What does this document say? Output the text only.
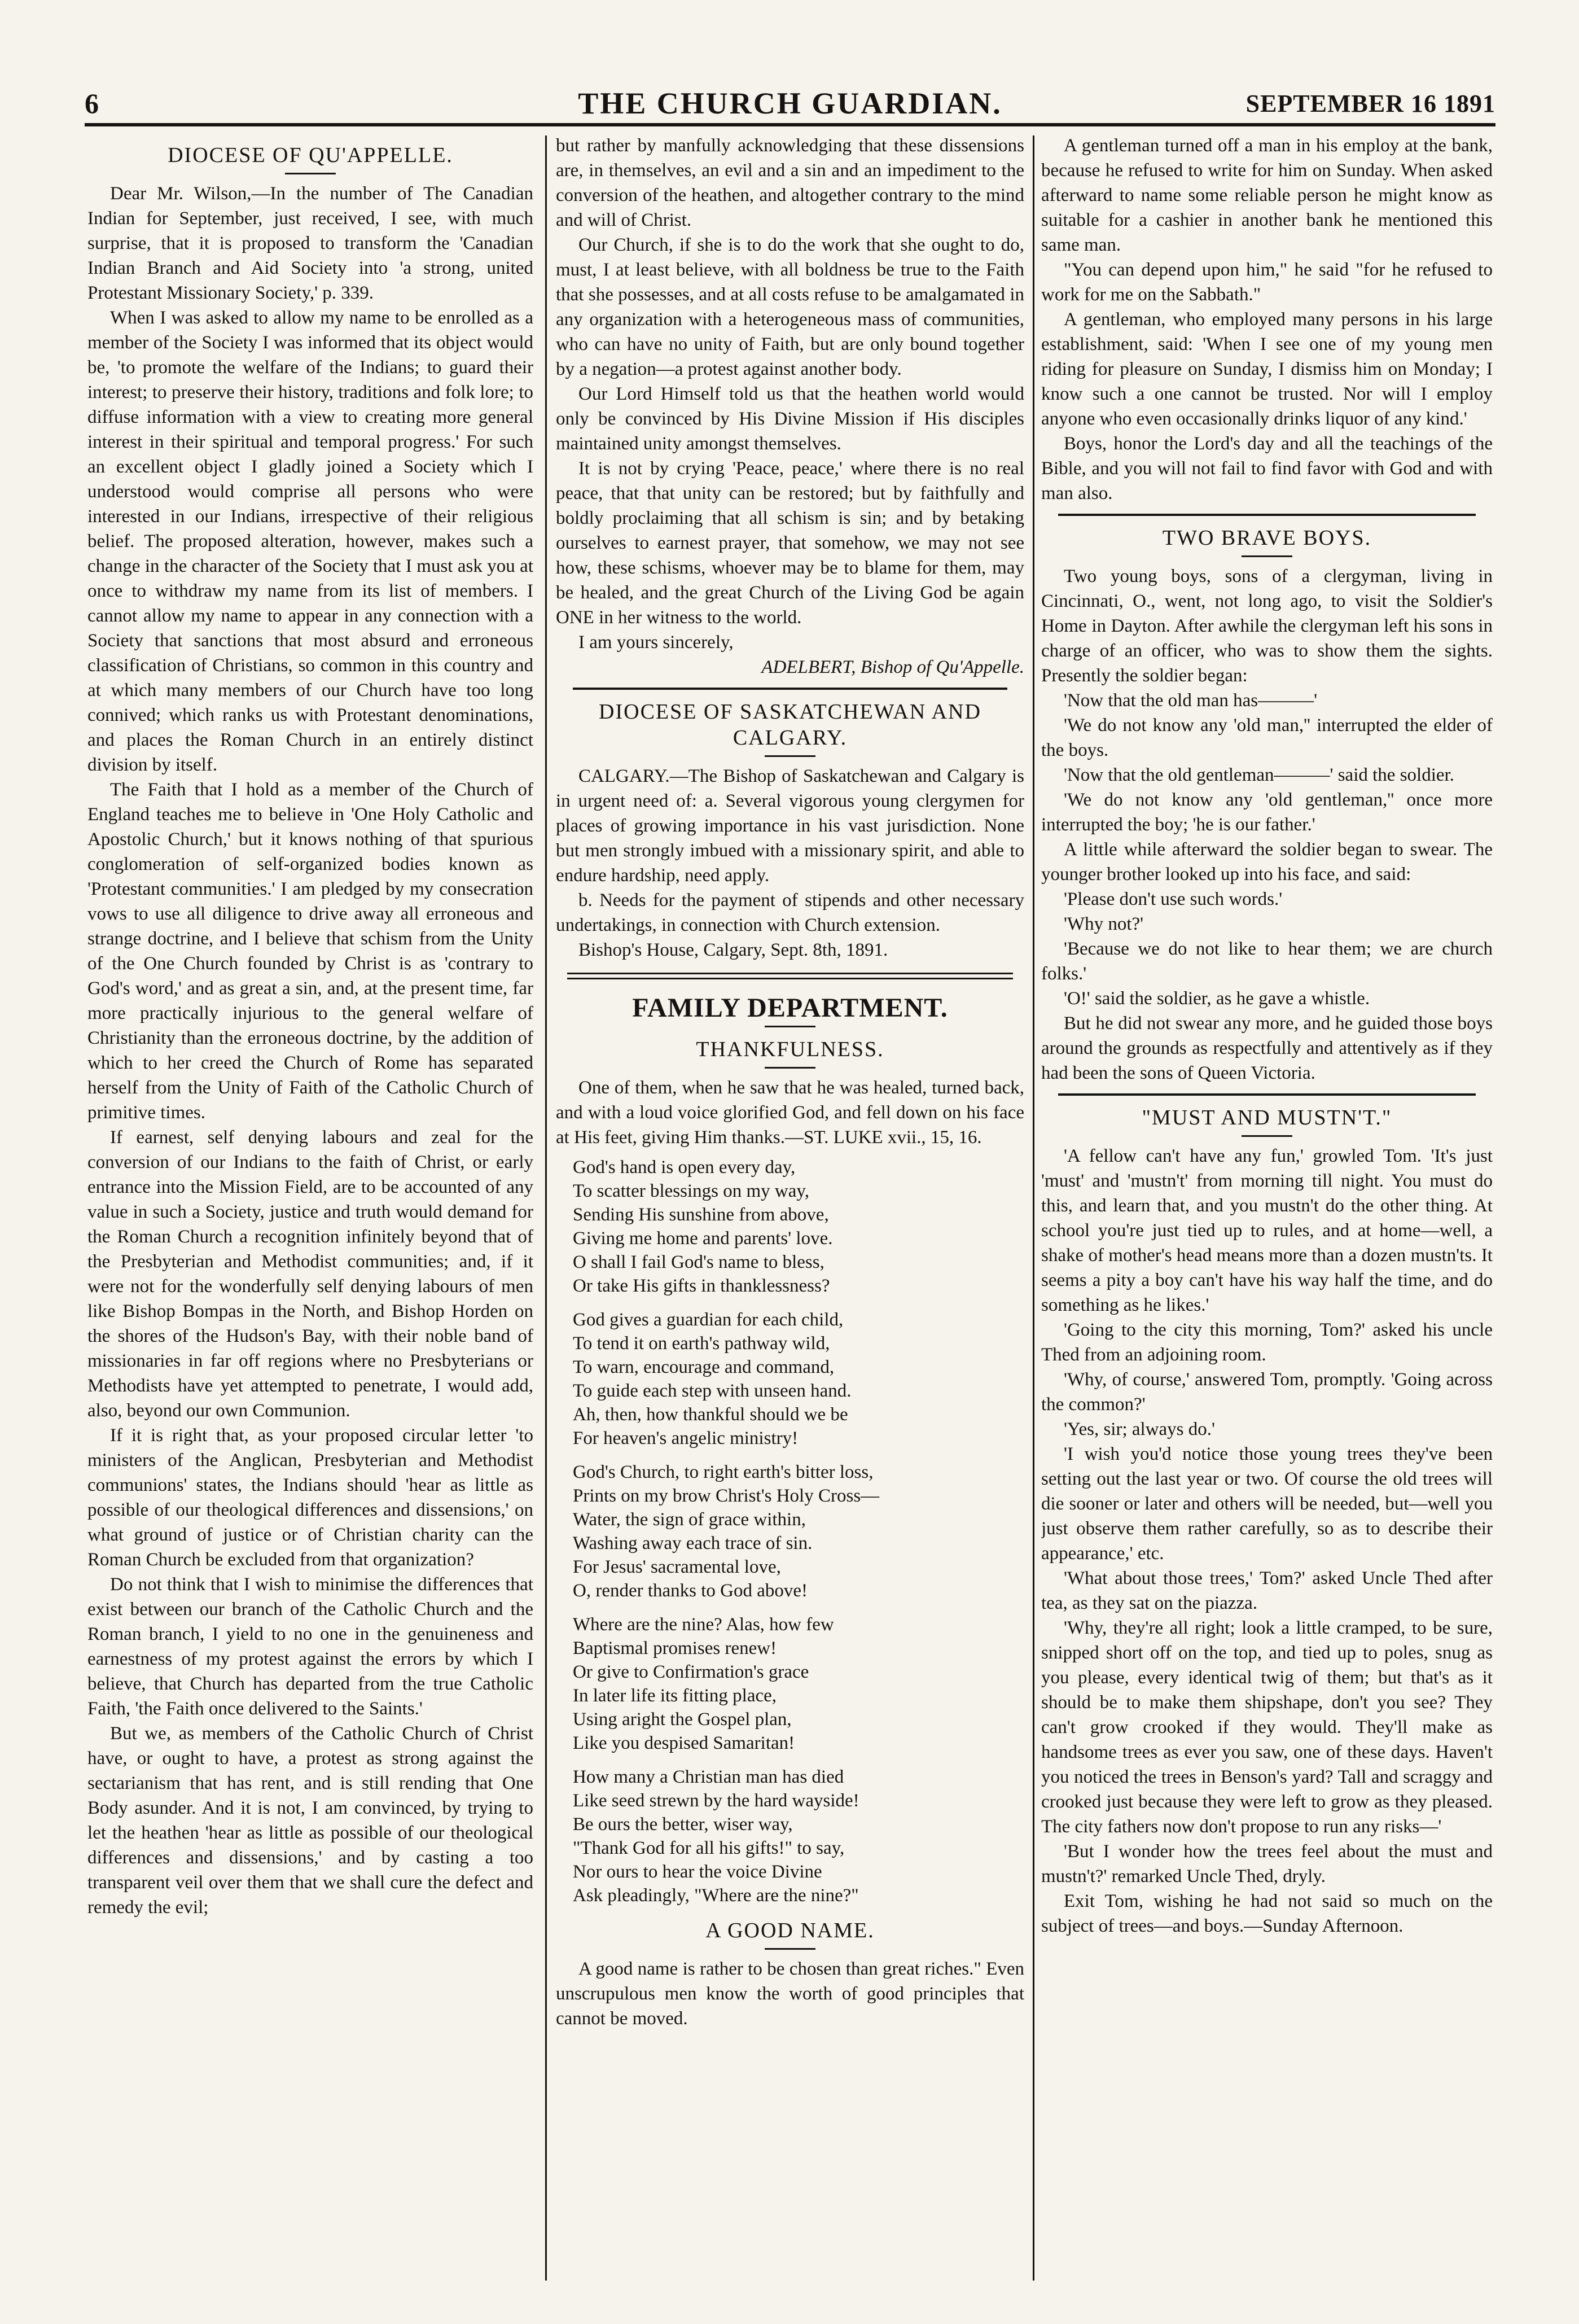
6	THE CHURCH GUARDIAN.	SEPTEMBER 16 1891
DIOCESE OF QU'APPELLE.

Dear Mr. Wilson,—In the number of The Canadian Indian for September, just received, I see, with much surprise, that it is proposed to transform the 'Canadian Indian Branch and Aid Society into 'a strong, united Protestant Missionary Society,' p. 339.

When I was asked to allow my name to be enrolled as a member of the Society I was informed that its object would be, 'to promote the welfare of the Indians; to guard their interest; to preserve their history, traditions and folk lore; to diffuse information with a view to creating more general interest in their spiritual and temporal progress.' For such an excellent object I gladly joined a Society which I understood would comprise all persons who were interested in our Indians, irrespective of their religious belief. The proposed alteration, however, makes such a change in the character of the Society that I must ask you at once to withdraw my name from its list of members. I cannot allow my name to appear in any connection with a Society that sanctions that most absurd and erroneous classification of Christians, so common in this country and at which many members of our Church have too long connived; which ranks us with Protestant denominations, and places the Roman Church in an entirely distinct division by itself.

The Faith that I hold as a member of the Church of England teaches me to believe in 'One Holy Catholic and Apostolic Church,' but it knows nothing of that spurious conglomeration of self-organized bodies known as 'Protestant communities.' I am pledged by my consecration vows to use all diligence to drive away all erroneous and strange doctrine, and I believe that schism from the Unity of the One Church founded by Christ is as 'contrary to God's word,' and as great a sin, and, at the present time, far more practically injurious to the general welfare of Christianity than the erroneous doctrine, by the addition of which to her creed the Church of Rome has separated herself from the Unity of Faith of the Catholic Church of primitive times.

If earnest, self denying labours and zeal for the conversion of our Indians to the faith of Christ, or early entrance into the Mission Field, are to be accounted of any value in such a Society, justice and truth would demand for the Roman Church a recognition infinitely beyond that of the Presbyterian and Methodist communities; and, if it were not for the wonderfully self denying labours of men like Bishop Bompas in the North, and Bishop Horden on the shores of the Hudson's Bay, with their noble band of missionaries in far off regions where no Presbyterians or Methodists have yet attempted to penetrate, I would add, also, beyond our own Communion.

If it is right that, as your proposed circular letter 'to ministers of the Anglican, Presbyterian and Methodist communions' states, the Indians should 'hear as little as possible of our theological differences and dissensions,' on what ground of justice or of Christian charity can the Roman Church be excluded from that organization?

Do not think that I wish to minimise the differences that exist between our branch of the Catholic Church and the Roman branch, I yield to no one in the genuineness and earnestness of my protest against the errors by which I believe, that Church has departed from the true Catholic Faith, 'the Faith once delivered to the Saints.'

But we, as members of the Catholic Church of Christ have, or ought to have, a protest as strong against the sectarianism that has rent, and is still rending that One Body asunder. And it is not, I am convinced, by trying to let the heathen 'hear as little as possible of our theological differences and dissensions,' and by casting a too transparent veil over them that we shall cure the defect and remedy the evil;

but rather by manfully acknowledging that these dissensions are, in themselves, an evil and a sin and an impediment to the conversion of the heathen, and altogether contrary to the mind and will of Christ.

Our Church, if she is to do the work that she ought to do, must, I at least believe, with all boldness be true to the Faith that she possesses, and at all costs refuse to be amalgamated in any organization with a heterogeneous mass of communities, who can have no unity of Faith, but are only bound together by a negation—a protest against another body.

Our Lord Himself told us that the heathen world would only be convinced by His Divine Mission if His disciples maintained unity amongst themselves.

It is not by crying 'Peace, peace,' where there is no real peace, that that unity can be restored; but by faithfully and boldly proclaiming that all schism is sin; and by betaking ourselves to earnest prayer, that somehow, we may not see how, these schisms, whoever may be to blame for them, may be healed, and the great Church of the Living God be again ONE in her witness to the world.

I am yours sincerely,

ADELBERT, Bishop of Qu'Appelle.

DIOCESE OF SASKATCHEWAN AND CALGARY.

CALGARY.—The Bishop of Saskatchewan and Calgary is in urgent need of: a. Several vigorous young clergymen for places of growing importance in his vast jurisdiction. None but men strongly imbued with a missionary spirit, and able to endure hardship, need apply.

b. Needs for the payment of stipends and other necessary undertakings, in connection with Church extension.

Bishop's House, Calgary, Sept. 8th, 1891.

FAMILY DEPARTMENT.
THANKFULNESS.

One of them, when he saw that he was healed, turned back, and with a loud voice glorified God, and fell down on his face at His feet, giving Him thanks.—ST. LUKE xvii., 15, 16.

God's hand is open every day,
To scatter blessings on my way,
Sending His sunshine from above,
Giving me home and parents' love.
O shall I fail God's name to bless,
Or take His gifts in thanklessness?
God gives a guardian for each child,
To tend it on earth's pathway wild,
To warn, encourage and command,
To guide each step with unseen hand.
Ah, then, how thankful should we be
For heaven's angelic ministry!
God's Church, to right earth's bitter loss,
Prints on my brow Christ's Holy Cross—
Water, the sign of grace within,
Washing away each trace of sin.
For Jesus' sacramental love,
O, render thanks to God above!
Where are the nine? Alas, how few
Baptismal promises renew!
Or give to Confirmation's grace
In later life its fitting place,
Using aright the Gospel plan,
Like you despised Samaritan!
How many a Christian man has died
Like seed strewn by the hard wayside!
Be ours the better, wiser way,
"Thank God for all his gifts!" to say,
Nor ours to hear the voice Divine
Ask pleadingly, "Where are the nine?"
A GOOD NAME.

A good name is rather to be chosen than great riches." Even unscrupulous men know the worth of good principles that cannot be moved.

A gentleman turned off a man in his employ at the bank, because he refused to write for him on Sunday. When asked afterward to name some reliable person he might know as suitable for a cashier in another bank he mentioned this same man.

"You can depend upon him," he said "for he refused to work for me on the Sabbath."

A gentleman, who employed many persons in his large establishment, said: 'When I see one of my young men riding for pleasure on Sunday, I dismiss him on Monday; I know such a one cannot be trusted. Nor will I employ anyone who even occasionally drinks liquor of any kind.'

Boys, honor the Lord's day and all the teachings of the Bible, and you will not fail to find favor with God and with man also.

TWO BRAVE BOYS.

Two young boys, sons of a clergyman, living in Cincinnati, O., went, not long ago, to visit the Soldier's Home in Dayton. After awhile the clergyman left his sons in charge of an officer, who was to show them the sights. Presently the soldier began:

'Now that the old man has———'

'We do not know any 'old man,'' interrupted the elder of the boys.

'Now that the old gentleman———' said the soldier.

'We do not know any 'old gentleman,'' once more interrupted the boy; 'he is our father.'

A little while afterward the soldier began to swear. The younger brother looked up into his face, and said:

'Please don't use such words.'

'Why not?'

'Because we do not like to hear them; we are church folks.'

'O!' said the soldier, as he gave a whistle.

But he did not swear any more, and he guided those boys around the grounds as respectfully and attentively as if they had been the sons of Queen Victoria.

"MUST AND MUSTN'T."

'A fellow can't have any fun,' growled Tom. 'It's just 'must' and 'mustn't' from morning till night. You must do this, and learn that, and you mustn't do the other thing. At school you're just tied up to rules, and at home—well, a shake of mother's head means more than a dozen mustn'ts. It seems a pity a boy can't have his way half the time, and do something as he likes.'

'Going to the city this morning, Tom?' asked his uncle Thed from an adjoining room.

'Why, of course,' answered Tom, promptly. 'Going across the common?'

'Yes, sir; always do.'

'I wish you'd notice those young trees they've been setting out the last year or two. Of course the old trees will die sooner or later and others will be needed, but—well you just observe them rather carefully, so as to describe their appearance,' etc.

'What about those trees,' Tom?' asked Uncle Thed after tea, as they sat on the piazza.

'Why, they're all right; look a little cramped, to be sure, snipped short off on the top, and tied up to poles, snug as you please, every identical twig of them; but that's as it should be to make them shipshape, don't you see? They can't grow crooked if they would. They'll make as handsome trees as ever you saw, one of these days. Haven't you noticed the trees in Benson's yard? Tall and scraggy and crooked just because they were left to grow as they pleased. The city fathers now don't propose to run any risks—'

'But I wonder how the trees feel about the must and mustn't?' remarked Uncle Thed, dryly.

Exit Tom, wishing he had not said so much on the subject of trees—and boys.—Sunday Afternoon.
